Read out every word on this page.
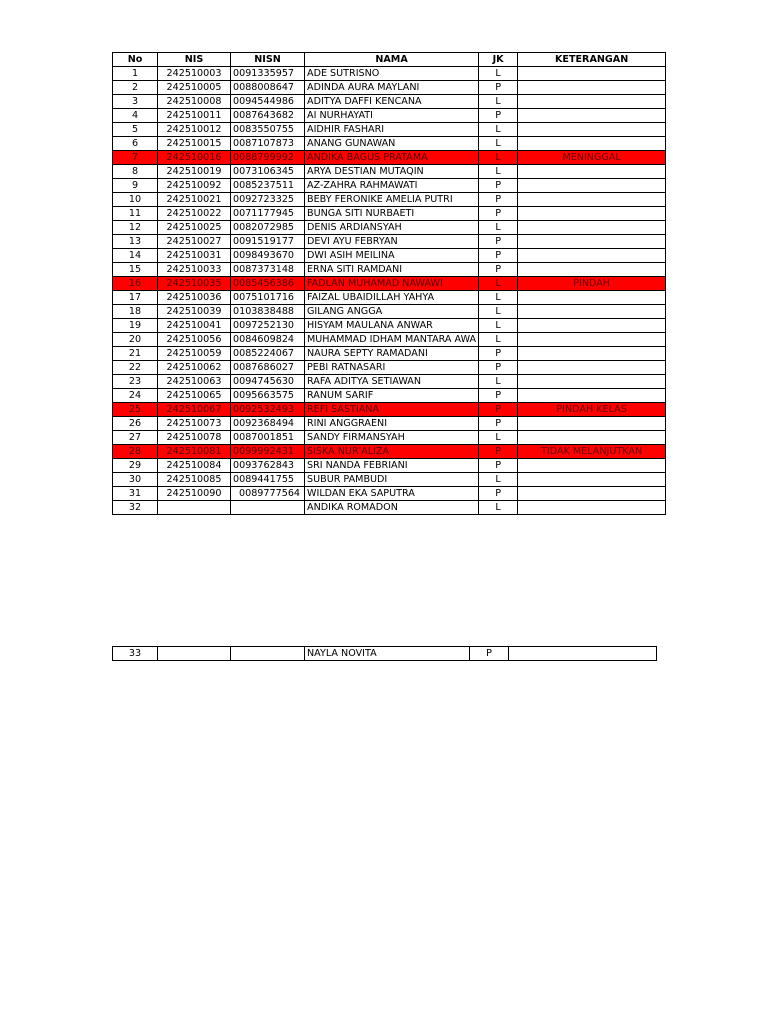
No	NIS	NISN	NAMA	JK	KETERANGAN
1	242510003	0091335957	ADE SUTRISNO	L	
2	242510005	0088008647	ADINDA AURA MAYLANI	P	
3	242510008	0094544986	ADITYA DAFFI KENCANA	L	
4	242510011	0087643682	AI NURHAYATI	P	
5	242510012	0083550755	AIDHIR FASHARI	L	
6	242510015	0087107873	ANANG GUNAWAN	L	
7	242510016	0088799992	ANDIKA BAGUS PRATAMA	L	MENINGGAL
8	242510019	0073106345	ARYA DESTIAN MUTAQIN	L	
9	242510092	0085237511	AZ-ZAHRA RAHMAWATI	P	
10	242510021	0092723325	BEBY FERONIKE AMELIA PUTRI	P	
11	242510022	0071177945	BUNGA SITI NURBAETI	P	
12	242510025	0082072985	DENIS ARDIANSYAH	L	
13	242510027	0091519177	DEVI AYU FEBRYAN	P	
14	242510031	0098493670	DWI ASIH MEILINA	P	
15	242510033	0087373148	ERNA SITI RAMDANI	P	
16	242510035	0085456386	FADLAN MUHAMAD NAWAWI	L	PINDAH
17	242510036	0075101716	FAIZAL UBAIDILLAH YAHYA	L	
18	242510039	0103838488	GILANG ANGGA	L	
19	242510041	0097252130	HISYAM MAULANA ANWAR	L	
20	242510056	0084609824	MUHAMMAD IDHAM MANTARA AWA	L	
21	242510059	0085224067	NAURA SEPTY RAMADANI	P	
22	242510062	0087686027	PEBI RATNASARI	P	
23	242510063	0094745630	RAFA ADITYA SETIAWAN	L	
24	242510065	0095663575	RANUM SARIF	P	
25	242510067	0092532493	REFI SASTIANA	P	PINDAH KELAS
26	242510073	0092368494	RINI ANGGRAENI	P	
27	242510078	0087001851	SANDY FIRMANSYAH	L	
28	242510081	0099992431	SISKA NUR'ALIZA	P	TIDAK MELANJUTKAN
29	242510084	0093762843	SRI NANDA FEBRIANI	P	
30	242510085	0089441755	SUBUR PAMBUDI	L	
31	242510090	0089777564	WILDAN EKA SAPUTRA	P	
32			ANDIKA ROMADON	L	
33			NAYLA NOVITA	P	
